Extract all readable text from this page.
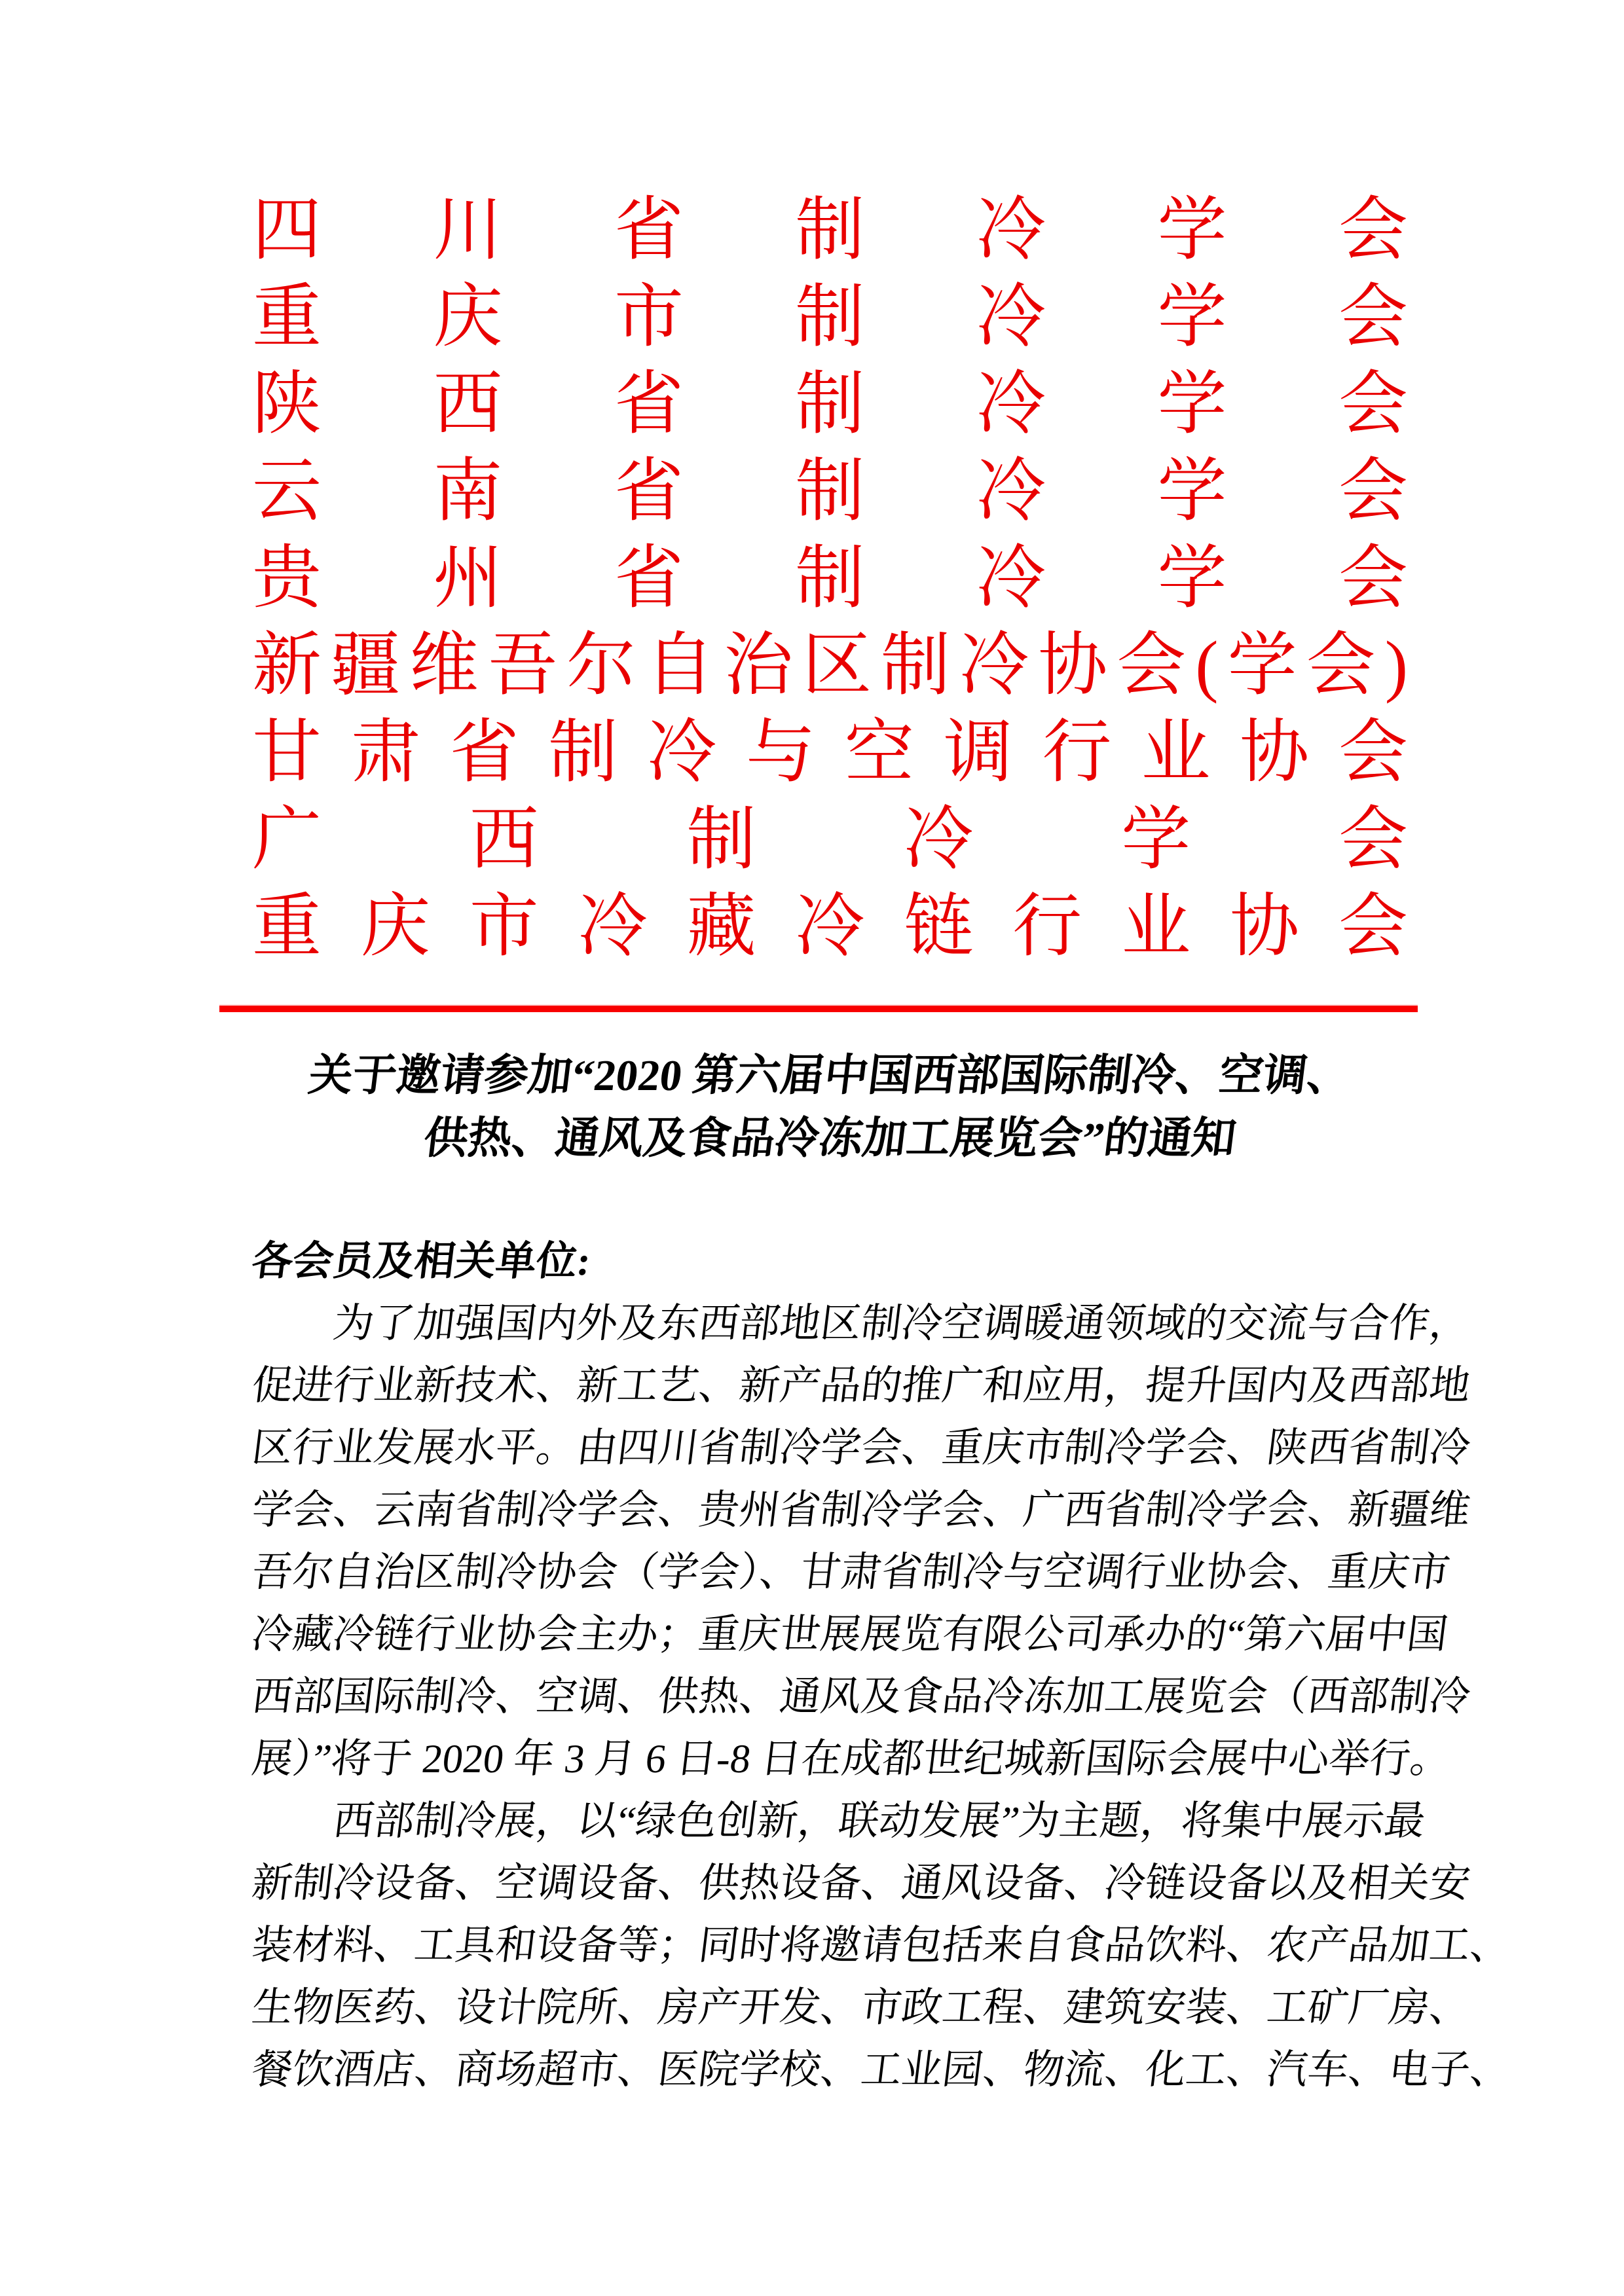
四川省制冷学会
重庆市制冷学会
陕西省制冷学会
云南省制冷学会
贵州省制冷学会
新疆维吾尔自治区制冷协会(学会)
甘肃省制冷与空调行业协会
广西制冷学会
重庆市冷藏冷链行业协会
关于邀请参加“2020 第六届中国西部国际制冷、空调、
供热、通风及食品冷冻加工展览会”的通知
各会员及相关单位:
为了加强国内外及东西部地区制冷空调暖通领域的交流与合作，
促进行业新技术、新工艺、新产品的推广和应用，提升国内及西部地
区行业发展水平。由四川省制冷学会、重庆市制冷学会、陕西省制冷
学会、云南省制冷学会、贵州省制冷学会、广西省制冷学会、新疆维
吾尔自治区制冷协会（学会）、甘肃省制冷与空调行业协会、重庆市
冷藏冷链行业协会主办；重庆世展展览有限公司承办的“第六届中国
西部国际制冷、空调、供热、通风及食品冷冻加工展览会（西部制冷
展）”将于 2020 年 3 月 6 日-8 日在成都世纪城新国际会展中心举行。
西部制冷展，以“绿色创新，联动发展”为主题，将集中展示最
新制冷设备、空调设备、供热设备、通风设备、冷链设备以及相关安
装材料、工具和设备等；同时将邀请包括来自食品饮料、农产品加工、
生物医药、设计院所、房产开发、市政工程、建筑安装、工矿厂房、
餐饮酒店、商场超市、医院学校、工业园、物流、化工、汽车、电子、
